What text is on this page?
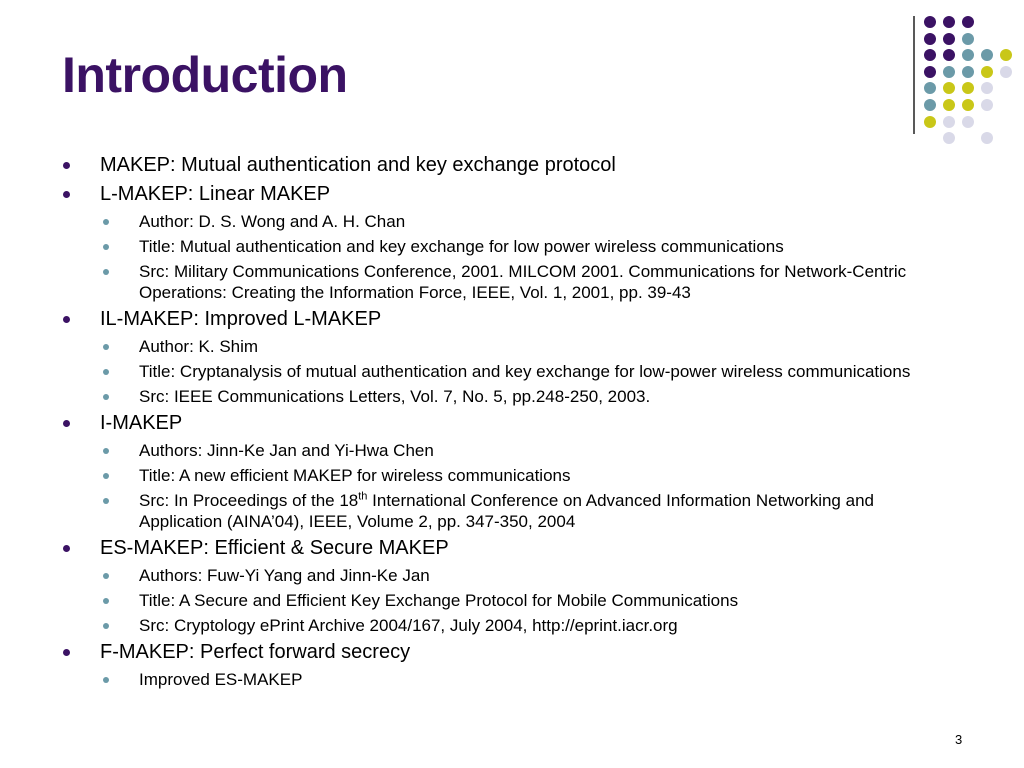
Introduction
MAKEP: Mutual authentication and key exchange protocol
L-MAKEP: Linear MAKEP
Author: D. S. Wong and A. H. Chan
Title: Mutual authentication and key exchange for low power wireless communications
Src: Military Communications Conference, 2001. MILCOM 2001. Communications for Network-Centric Operations: Creating the Information Force, IEEE, Vol. 1, 2001, pp. 39-43
IL-MAKEP: Improved L-MAKEP
Author: K. Shim
Title: Cryptanalysis of mutual authentication and key exchange for low-power wireless communications
Src: IEEE Communications Letters, Vol. 7, No. 5, pp.248-250, 2003.
I-MAKEP
Authors: Jinn-Ke Jan and Yi-Hwa Chen
Title: A new efficient MAKEP for wireless communications
Src: In Proceedings of the 18th International Conference on Advanced Information Networking and Application (AINA’04), IEEE, Volume 2, pp. 347-350, 2004
ES-MAKEP: Efficient & Secure MAKEP
Authors: Fuw-Yi Yang and Jinn-Ke Jan
Title: A Secure and Efficient Key Exchange Protocol for Mobile Communications
Src: Cryptology ePrint Archive 2004/167, July 2004, http://eprint.iacr.org
F-MAKEP: Perfect forward secrecy
Improved ES-MAKEP
3
